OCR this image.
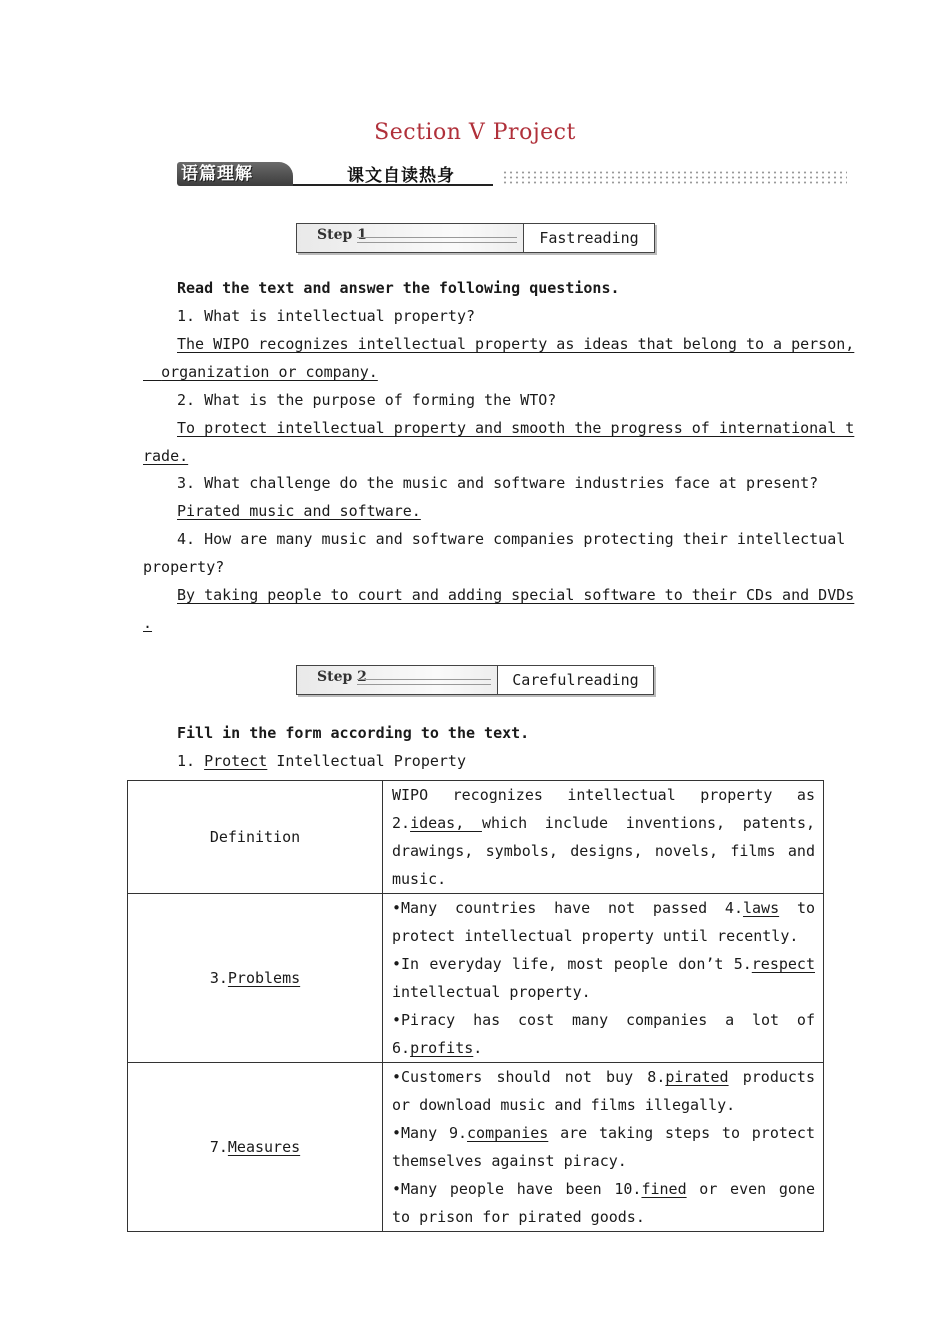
Section Ⅴ Project
语篇理解	课文自读热身
Step 1	Fastreading
Read the text and answer the following questions.
1. What is intellectual property?
The WIPO recognizes intellectual property as ideas that belong to a person,
organization or company.
2. What is the purpose of forming the WTO?
To protect intellectual property and smooth the progress of international t
rade.
3. What challenge do the music and software industries face at present?
Pirated music and software.
4. How are many music and software companies protecting their intellectual
property?
By taking people to court and adding special software to their CDs and DVDs
.
Step 2	Carefulreading
Fill in the form according to the text.
1. Protect Intellectual Property
Definition	WIPO recognizes intellectual property as 2.ideas, which include inventions, patents, drawings, symbols, designs, novels, films and music.

3.Problems	•Many countries have not passed 4.laws to protect intellectual property until recently.
•In everyday life, most people don’t 5.respect intellectual property.
•Piracy has cost many companies a lot of 6.profits.

7.Measures	•Customers should not buy 8.pirated products or download music and films illegally.
•Many 9.companies are taking steps to protect themselves against piracy.
•Many people have been 10.fined or even gone to prison for pirated goods.
